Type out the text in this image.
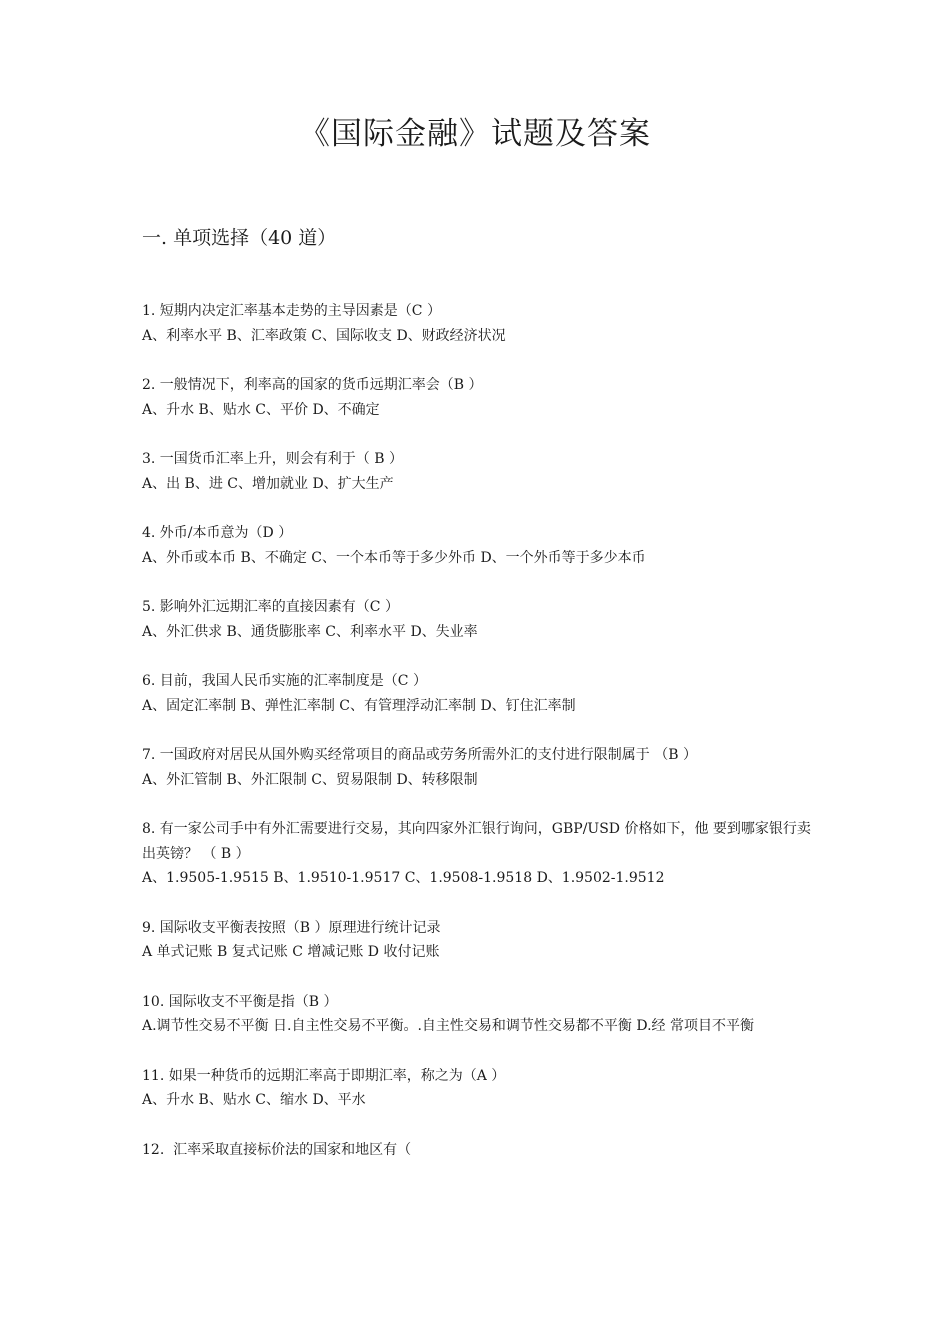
《国际金融》试题及答案
一. 单项选择（40 道）
1. 短期内决定汇率基本走势的主导因素是（C ）
A、利率水平 B、汇率政策 C、国际收支 D、财政经济状况
2. 一般情况下，利率高的国家的货币远期汇率会（B ）
A、升水 B、贴水 C、平价 D、不确定
3. 一国货币汇率上升，则会有利于（ B ）
A、出 B、进 C、增加就业 D、扩大生产
4. 外币/本币意为（D ）
A、外币或本币 B、不确定 C、一个本币等于多少外币 D、一个外币等于多少本币
5. 影响外汇远期汇率的直接因素有（C ）
A、外汇供求 B、通货膨胀率 C、利率水平 D、失业率
6. 目前，我国人民币实施的汇率制度是（C ）
A、固定汇率制 B、弹性汇率制 C、有管理浮动汇率制 D、钉住汇率制
7. 一国政府对居民从国外购买经常项目的商品或劳务所需外汇的支付进行限制属于 （B ）
A、外汇管制 B、外汇限制 C、贸易限制 D、转移限制
8. 有一家公司手中有外汇需要进行交易，其向四家外汇银行询问，GBP/USD 价格如下，他 要到哪家银行卖出英镑？ （ B ）
A、1.9505-1.9515 B、1.9510-1.9517 C、1.9508-1.9518 D、1.9502-1.9512
9. 国际收支平衡表按照（B ）原理进行统计记录
A 单式记账 B 复式记账 C 增减记账 D 收付记账
10. 国际收支不平衡是指（B ）
A.调节性交易不平衡 日.自主性交易不平衡。.自主性交易和调节性交易都不平衡 D.经 常项目不平衡
11. 如果一种货币的远期汇率高于即期汇率，称之为（A ）
A、升水 B、贴水 C、缩水 D、平水
12.  汇率采取直接标价法的国家和地区有（
